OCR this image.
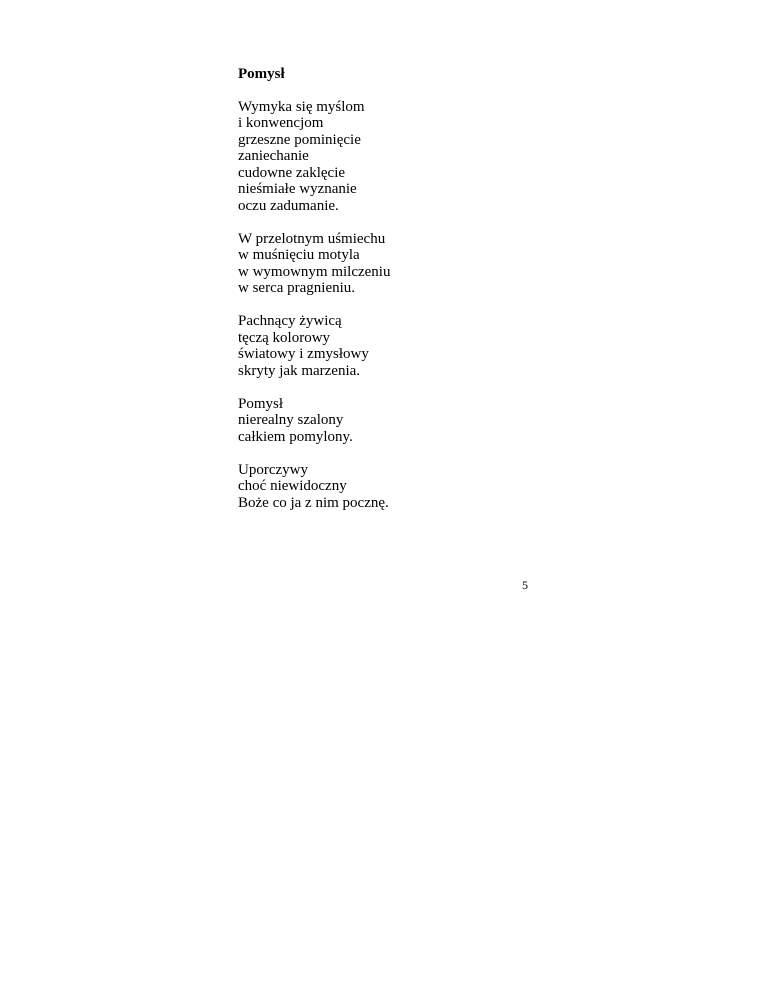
Pomysł
Wymyka się myślom
i konwencjom
grzeszne pominięcie
zaniechanie
cudowne zaklęcie
nieśmiałe wyznanie
oczu zadumanie.
W przelotnym uśmiechu
w muśnięciu motyla
w wymownym milczeniu
w serca pragnieniu.
Pachnący żywicą
tęczą kolorowy
światowy i zmysłowy
skryty jak marzenia.
Pomysł
nierealny szalony
całkiem pomylony.
Uporczywy
choć niewidoczny
Boże co ja z nim pocznę.
5
